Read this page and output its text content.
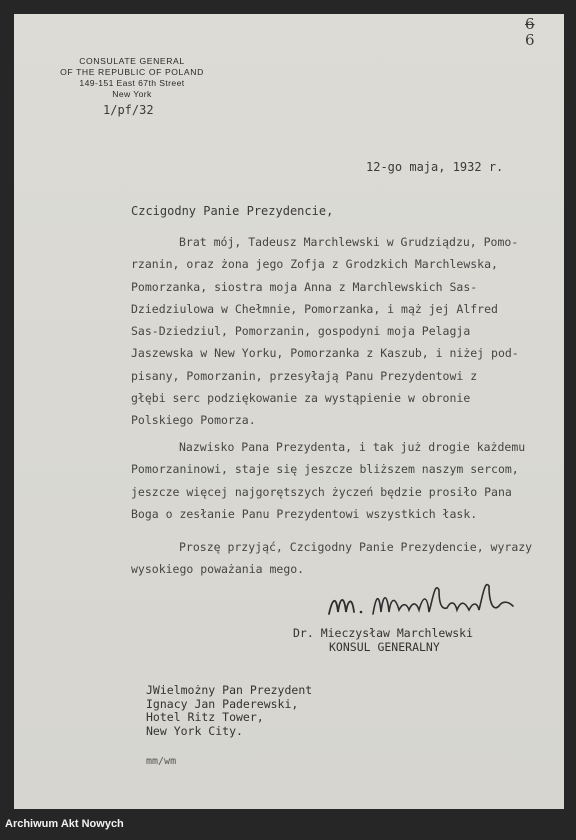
6
6
CONSULATE GENERAL
OF THE REPUBLIC OF POLAND
149-151 East 67th Street
New York
1/pf/32
12-go maja, 1932 r.
Czcigodny Panie Prezydencie,
Brat mój, Tadeusz Marchlewski w Grudziądzu, Pomo-
rzanin, oraz żona jego Zofja z Grodzkich Marchlewska,
Pomorzanka, siostra moja Anna z Marchlewskich Sas-
Dziedziulowa w Chełmnie, Pomorzanka, i mąż jej Alfred
Sas-Dziedziul, Pomorzanin, gospodyni moja Pelagja
Jaszewska w New Yorku, Pomorzanka z Kaszub, i niżej pod-
pisany, Pomorzanin, przesyłają Panu Prezydentowi z
głębi serc podziękowanie za wystąpienie w obronie
Polskiego Pomorza.
Nazwisko Pana Prezydenta, i tak już drogie każdemu
Pomorzaninowi, staje się jeszcze bliższem naszym sercom,
jeszcze więcej najgorętszych życzeń będzie prosiło Pana
Boga o zesłanie Panu Prezydentowi wszystkich łask.
Proszę przyjąć, Czcigodny Panie Prezydencie, wyrazy
wysokiego poważania mego.
Dr. Mieczysław Marchlewski
KONSUL GENERALNY
JWielmożny Pan Prezydent
Ignacy Jan Paderewski,
Hotel Ritz Tower,
New York City.
mm/wm
Archiwum Akt Nowych
